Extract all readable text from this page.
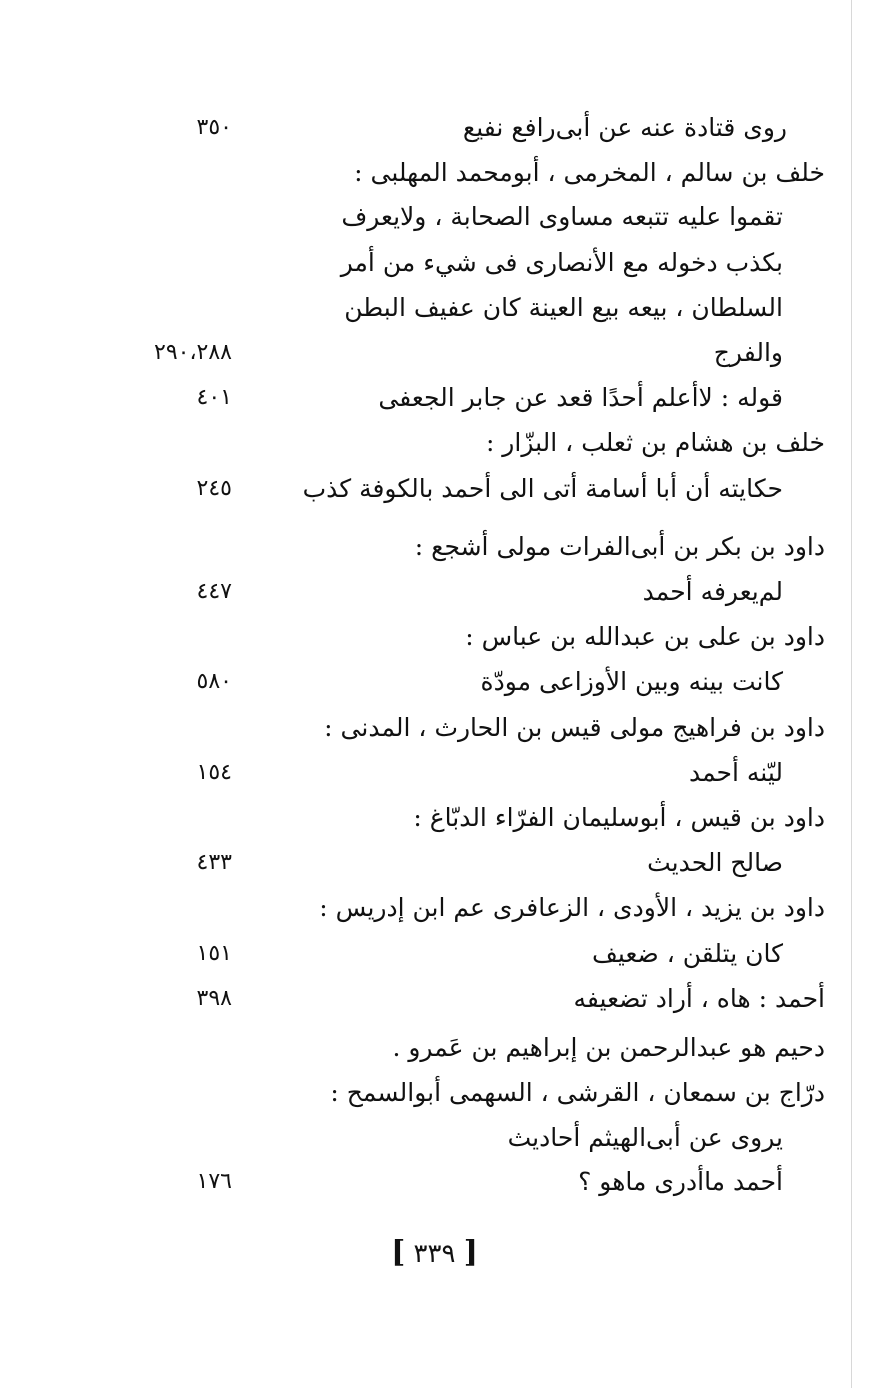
روى قتادة عنه عن أبى‌رافع نفيع
٣٥٠
خلف بن سالم ، المخرمى ، أبومحمد المهلبى :
تقموا عليه تتبعه مساوى الصحابة ، ولايعرف
بكذب دخوله مع الأنصارى فى شيء من أمر
السلطان ، بيعه بيع العينة كان عفيف البطن
والفرج
٢٩٠،٢٨٨
قوله : لاأعلم أحدًا قعد عن جابر الجعفى
٤٠١
خلف بن هشام بن ثعلب ، البزّار :
حكايته أن أبا أسامة أتى الى أحمد بالكوفة كذب
٢٤٥
داود بن بكر بن أبى‌الفرات مولى أشجع :
لم‌يعرفه أحمد
٤٤٧
داود بن على بن عبدالله بن عباس :
كانت بينه وبين الأوزاعى مودّة
٥٨٠
داود بن فراهيج مولى قيس بن الحارث ، المدنى :
ليّنه أحمد
١٥٤
داود بن قيس ، أبوسليمان الفرّاء الدبّاغ :
صالح الحديث
٤٣٣
داود بن يزيد ، الأودى ، الزعافرى عم ابن إدريس :
كان يتلقن ، ضعيف
١٥١
أحمد : هاه ، أراد تضعيفه
٣٩٨
دحيم هو عبدالرحمن بن إبراهيم بن عَمرو .
درّاج بن سمعان ، القرشى ، السهمى أبوالسمح :
يروى عن أبى‌الهيثم أحاديث
أحمد ماأدرى ماهو ؟
١٧٦
[ ٣٣٩ ]
